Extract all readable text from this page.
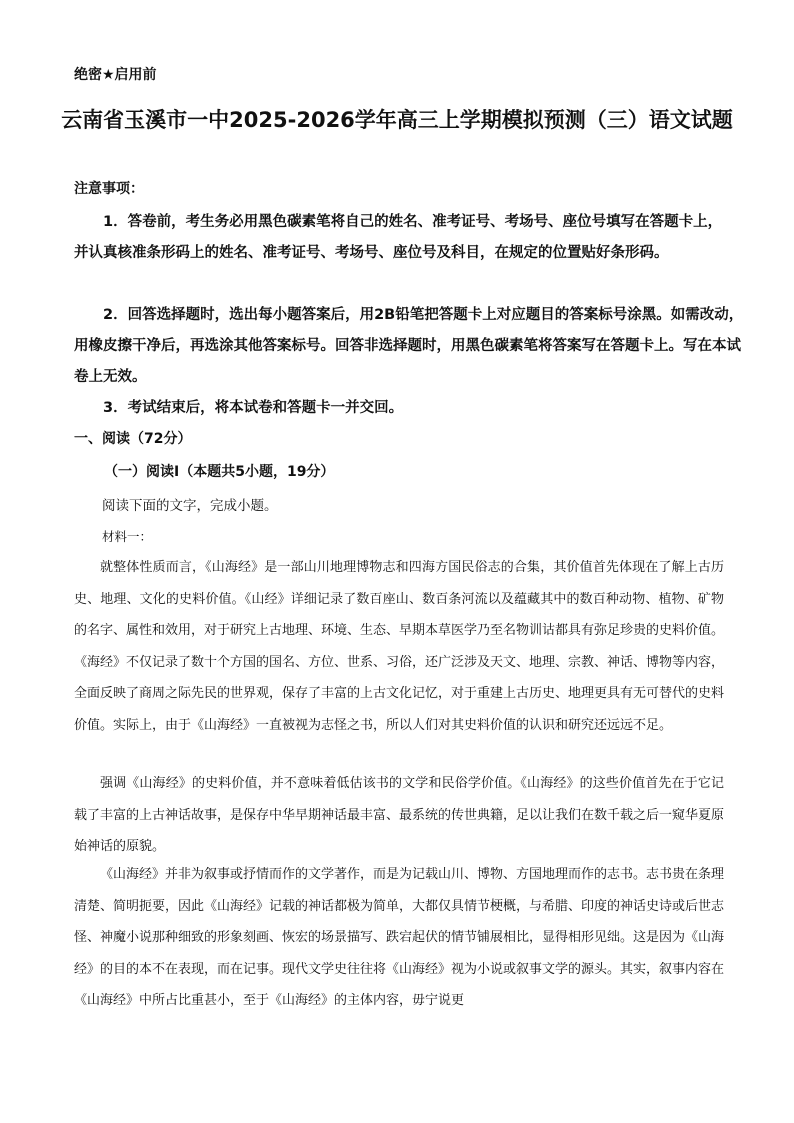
绝密★启用前
云南省玉溪市一中2025-2026学年高三上学期模拟预测（三）语文试题
注意事项：

1．答卷前，考生务必用黑色碳素笔将自己的姓名、准考证号、考场号、座位号填写在答题卡上，并认真核准条形码上的姓名、准考证号、考场号、座位号及科目，在规定的位置贴好条形码。

2．回答选择题时，选出每小题答案后，用2B铅笔把答题卡上对应题目的答案标号涂黑。如需改动，用橡皮擦干净后，再选涂其他答案标号。回答非选择题时，用黑色碳素笔将答案写在答题卡上。写在本试卷上无效。

3．考试结束后，将本试卷和答题卡一并交回。

一、阅读（72分）
（一）阅读Ⅰ（本题共5小题，19分）
阅读下面的文字，完成小题。
材料一：

就整体性质而言，《山海经》是一部山川地理博物志和四海方国民俗志的合集，其价值首先体现在了解上古历史、地理、文化的史料价值。《山经》详细记录了数百座山、数百条河流以及蕴藏其中的数百种动物、植物、矿物的名字、属性和效用，对于研究上古地理、环境、生态、早期本草医学乃至名物训诂都具有弥足珍贵的史料价值。《海经》不仅记录了数十个方国的国名、方位、世系、习俗，还广泛涉及天文、地理、宗教、神话、博物等内容，全面反映了商周之际先民的世界观，保存了丰富的上古文化记忆，对于重建上古历史、地理更具有无可替代的史料价值。实际上，由于《山海经》一直被视为志怪之书，所以人们对其史料价值的认识和研究还远远不足。

强调《山海经》的史料价值，并不意味着低估该书的文学和民俗学价值。《山海经》的这些价值首先在于它记载了丰富的上古神话故事，是保存中华早期神话最丰富、最系统的传世典籍，足以让我们在数千载之后一窥华夏原始神话的原貌。

《山海经》并非为叙事或抒情而作的文学著作，而是为记载山川、博物、方国地理而作的志书。志书贵在条理清楚、简明扼要，因此《山海经》记载的神话都极为简单，大都仅具情节梗概，与希腊、印度的神话史诗或后世志怪、神魔小说那种细致的形象刻画、恢宏的场景描写、跌宕起伏的情节铺展相比，显得相形见绌。这是因为《山海经》的目的本不在表现，而在记事。现代文学史往往将《山海经》视为小说或叙事文学的源头。其实，叙事内容在《山海经》中所占比重甚小，至于《山海经》的主体内容，毋宁说更
